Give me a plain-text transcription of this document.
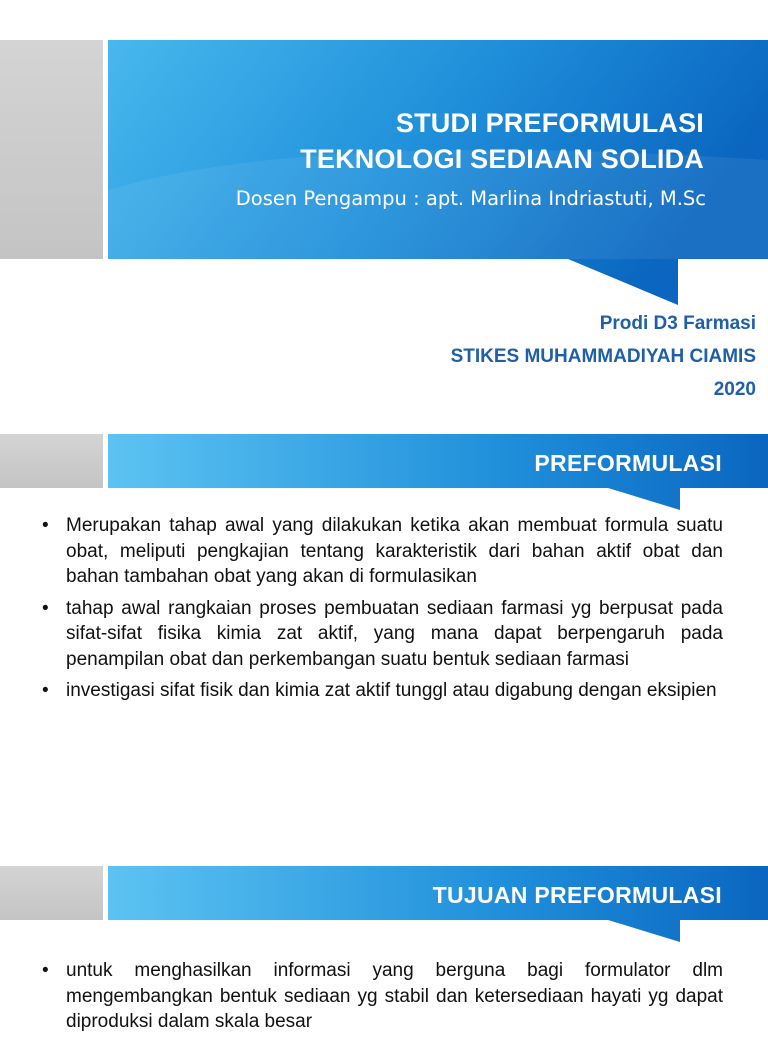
STUDI PREFORMULASI
TEKNOLOGI SEDIAAN SOLIDA
Dosen Pengampu : apt. Marlina Indriastuti, M.Sc
Prodi D3 Farmasi
STIKES MUHAMMADIYAH CIAMIS
2020
PREFORMULASI
• Merupakan tahap awal yang dilakukan ketika akan membuat formula suatu obat, meliputi pengkajian tentang karakteristik dari bahan aktif obat dan bahan tambahan obat yang akan di formulasikan
• tahap awal rangkaian proses pembuatan sediaan farmasi yg berpusat pada sifat-sifat fisika kimia zat aktif, yang mana dapat berpengaruh pada penampilan obat dan perkembangan suatu bentuk sediaan farmasi
• investigasi sifat fisik dan kimia zat aktif tunggl atau digabung dengan eksipien
TUJUAN PREFORMULASI
• untuk menghasilkan informasi yang berguna bagi formulator dlm mengembangkan bentuk sediaan yg stabil dan ketersediaan hayati yg dapat diproduksi dalam skala besar
